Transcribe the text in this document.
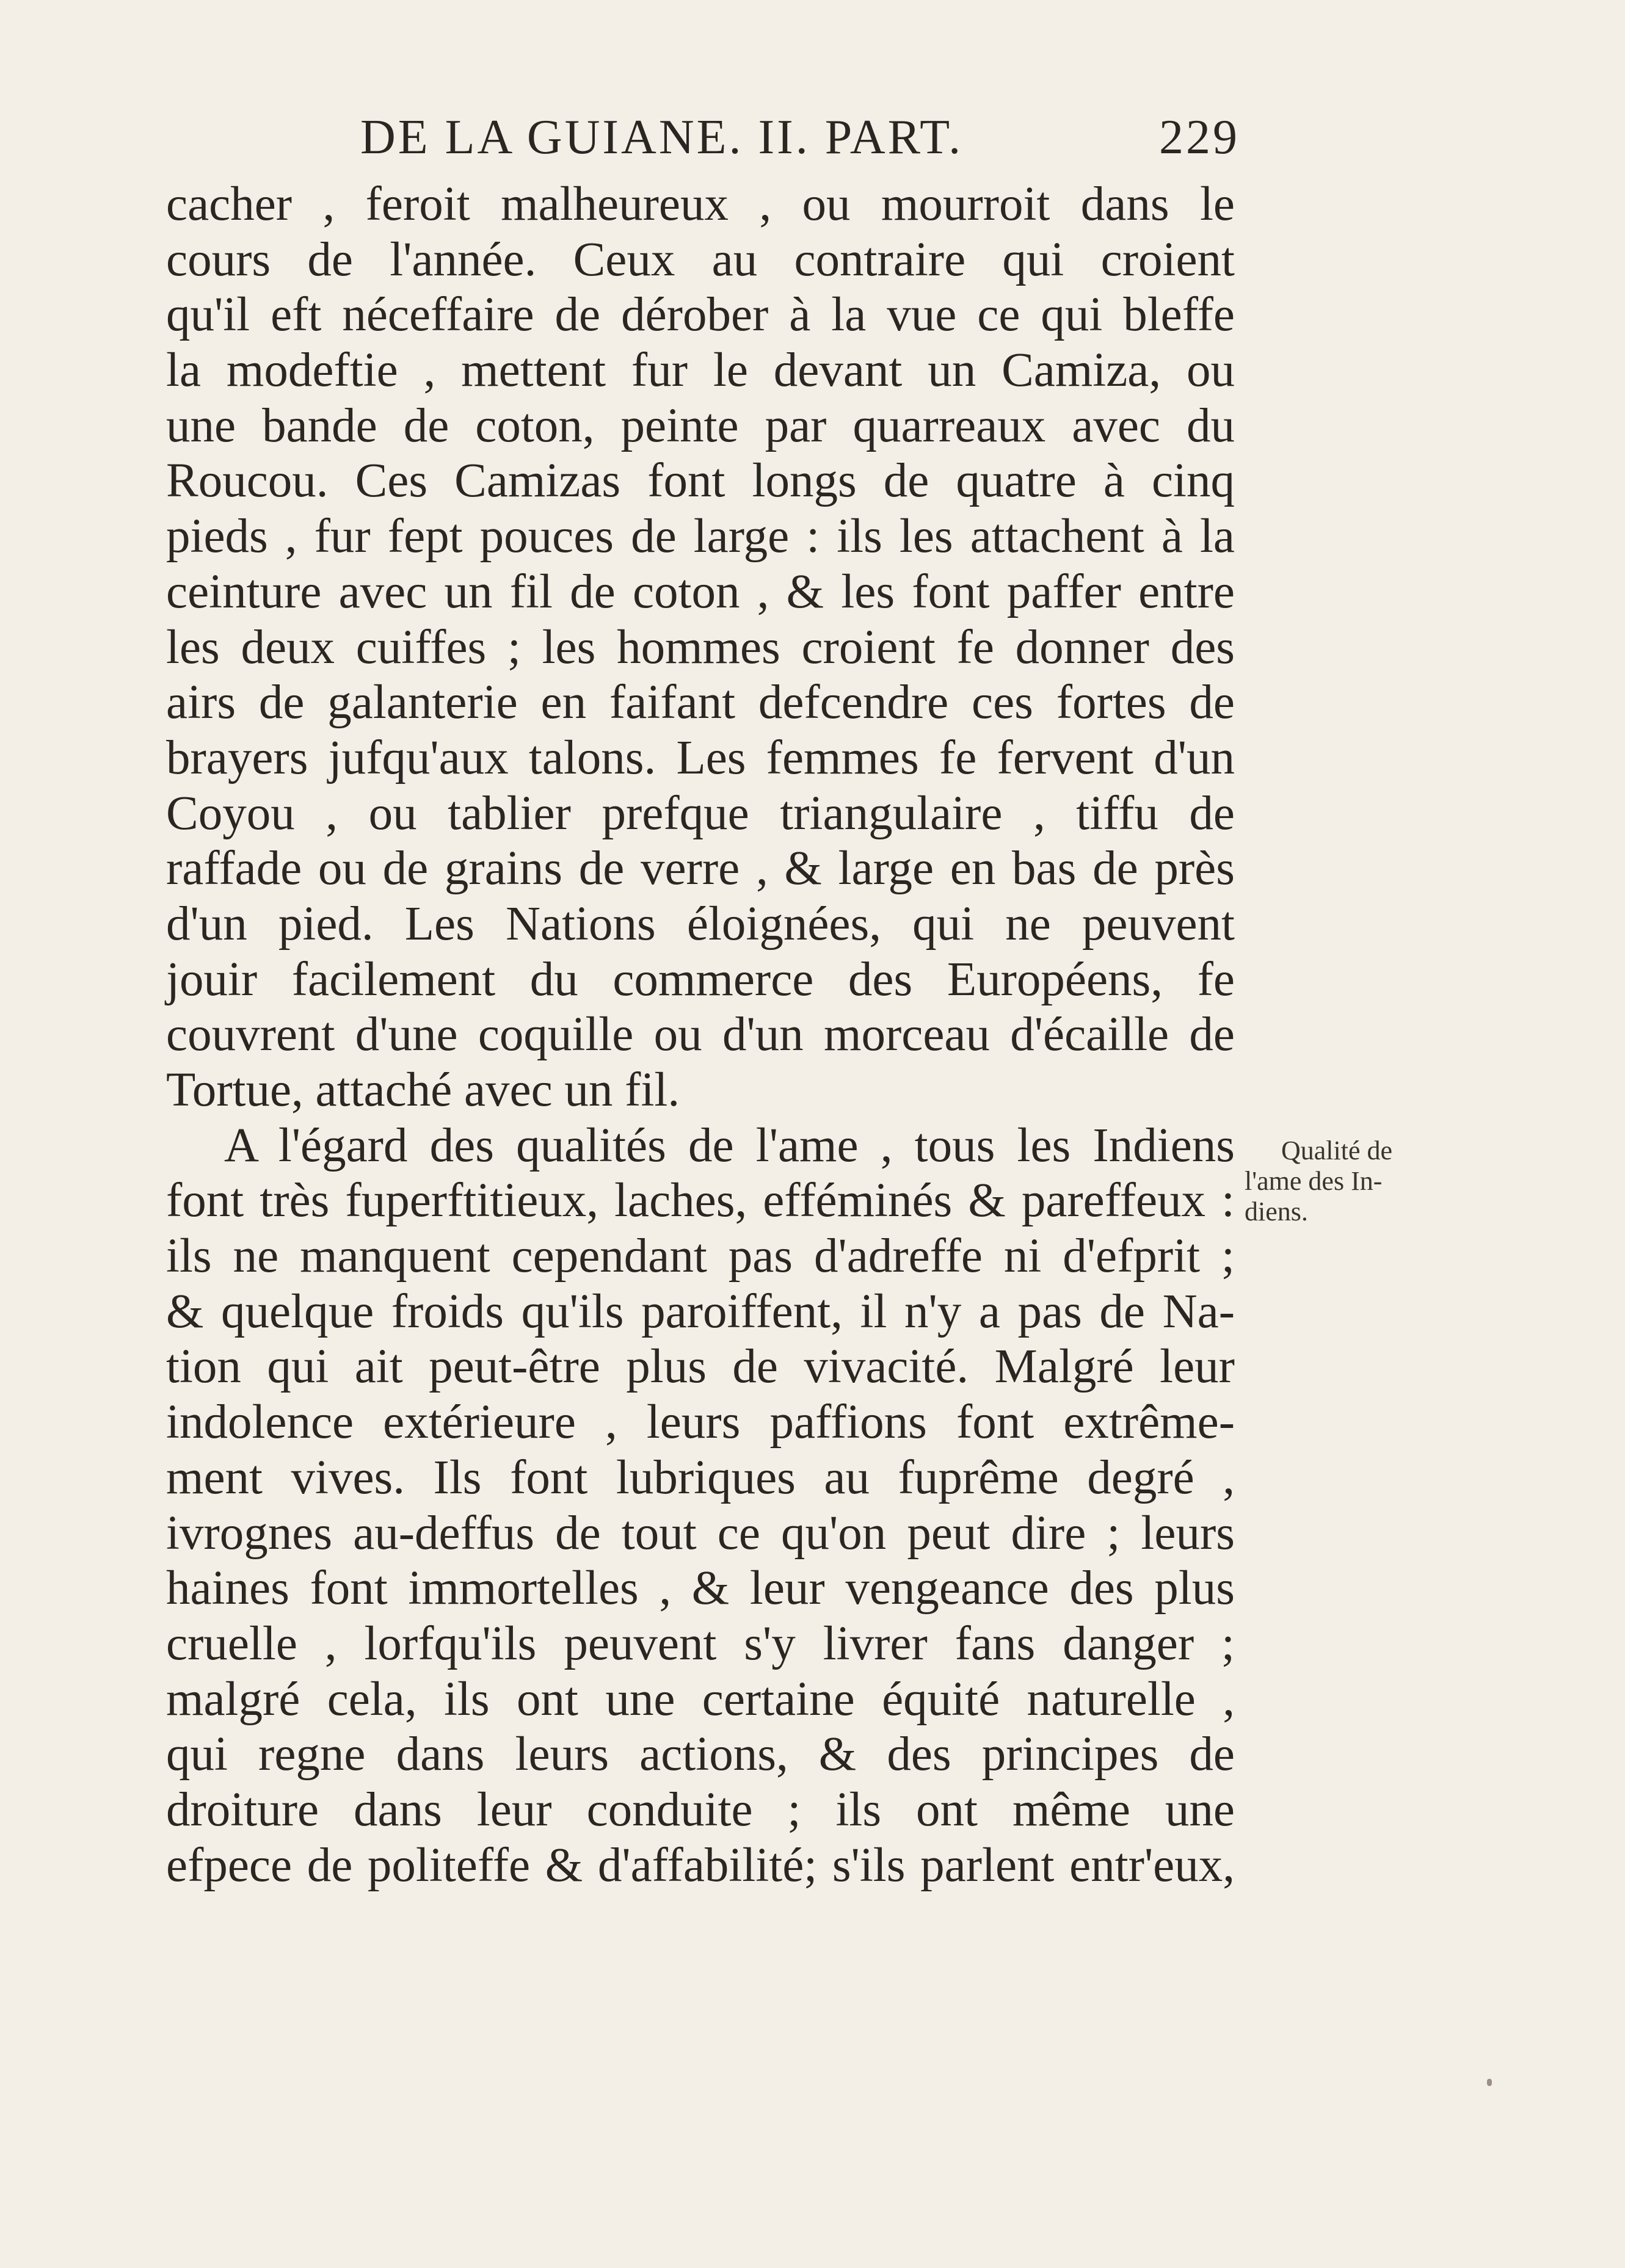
DE LA GUIANE. II. PART.	229
cacher , feroit malheureux , ou mourroit dans le
cours de l'année. Ceux au contraire qui croient
qu'il eft néceffaire de dérober à la vue ce qui bleffe
la modeftie , mettent fur le devant un Camiza, ou
une bande de coton, peinte par quarreaux avec du
Roucou. Ces Camizas font longs de quatre à cinq
pieds , fur fept pouces de large : ils les attachent à la
ceinture avec un fil de coton , & les font paffer entre
les deux cuiffes ; les hommes croient fe donner des
airs de galanterie en faifant defcendre ces fortes de
brayers jufqu'aux talons. Les femmes fe fervent d'un
Coyou , ou tablier prefque triangulaire , tiffu de
raffade ou de grains de verre , & large en bas de près
d'un pied. Les Nations éloignées, qui ne peuvent
jouir facilement du commerce des Européens, fe
couvrent d'une coquille ou d'un morceau d'écaille de
Tortue, attaché avec un fil.
A l'égard des qualités de l'ame , tous les Indiens
font très fuperftitieux, laches, efféminés & pareffeux :
ils ne manquent cependant pas d'adreffe ni d'efprit ;
& quelque froids qu'ils paroiffent, il n'y a pas de Na-
tion qui ait peut-être plus de vivacité. Malgré leur
indolence extérieure , leurs paffions font extrême-
ment vives. Ils font lubriques au fuprême degré ,
ivrognes au-deffus de tout ce qu'on peut dire ; leurs
haines font immortelles , & leur vengeance des plus
cruelle , lorfqu'ils peuvent s'y livrer fans danger ;
malgré cela, ils ont une certaine équité naturelle ,
qui regne dans leurs actions, & des principes de
droiture dans leur conduite ; ils ont même une
efpece de politeffe & d'affabilité; s'ils parlent entr'eux,
Qualité de
l'ame des In-
diens.
